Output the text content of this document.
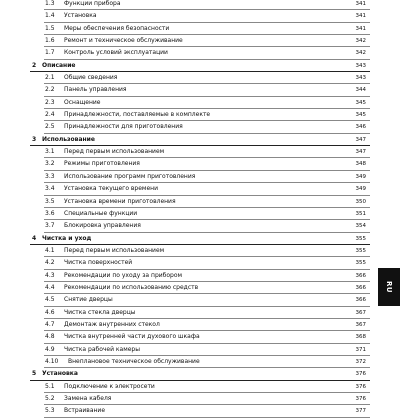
1.3 Функции прибора	341
1.4 Установка	341
1.5 Меры обеспечения безопасности	341
1.6 Ремонт и техническое обслуживание	342
1.7 Контроль условий эксплуатации	342
2 Описание	343
2.1 Общие сведения	343
2.2 Панель управления	344
2.3 Оснащение	345
2.4 Принадлежности, поставляемые в комплекте	345
2.5 Принадлежности для приготовления	346
3 Использование	347
3.1 Перед первым использованием	347
3.2 Режимы приготовления	348
3.3 Использование программ приготовления	349
3.4 Установка текущего времени	349
3.5 Установка времени приготовления	350
3.6 Специальные функции	351
3.7 Блокировка управления	354
4 Чистка и уход	355
4.1 Перед первым использованием	355
4.2 Чистка поверхностей	355
4.3 Рекомендации по уходу за прибором	366
4.4 Рекомендации по использованию средств	366
4.5 Снятие дверцы	366
4.6 Чистка стекла дверцы	367
4.7 Демонтаж внутренних стекол	367
4.8 Чистка внутренней части духового шкафа	368
4.9 Чистка рабочей камеры	371
4.10 Внеплановое техническое обслуживание	372
5 Установка	376
5.1 Подключение к электросети	376
5.2 Замена кабеля	376
5.3 Встраивание	377
RU
